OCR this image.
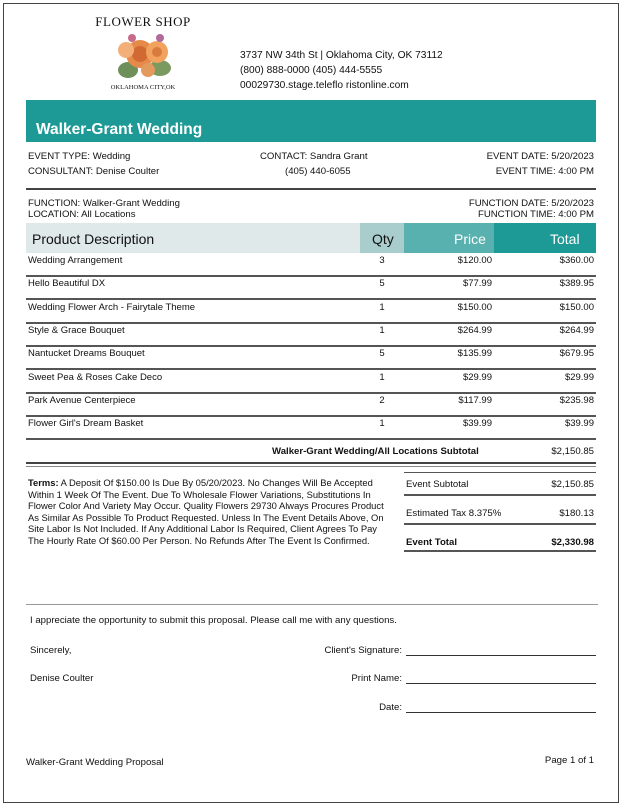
FLOWER SHOP
OKLAHOMA CITY,OK
3737 NW 34th St | Oklahoma City, OK 73112
(800) 888-0000 (405) 444-5555
00029730.stage.teleflo ristonline.com
Walker-Grant Wedding
EVENT TYPE: Wedding
CONSULTANT: Denise Coulter
CONTACT: Sandra Grant
(405) 440-6055
EVENT DATE: 5/20/2023
EVENT TIME: 4:00 PM
FUNCTION: Walker-Grant Wedding
LOCATION: All Locations
FUNCTION DATE: 5/20/2023
FUNCTION TIME: 4:00 PM
Product Description	Qty	Price	Total
Wedding Arrangement	3	$120.00	$360.00
Hello Beautiful DX	5	$77.99	$389.95
Wedding Flower Arch - Fairytale Theme	1	$150.00	$150.00
Style & Grace Bouquet	1	$264.99	$264.99
Nantucket Dreams Bouquet	5	$135.99	$679.95
Sweet Pea & Roses Cake Deco	1	$29.99	$29.99
Park Avenue Centerpiece	2	$117.99	$235.98
Flower Girl's Dream Basket	1	$39.99	$39.99
Walker-Grant Wedding/All Locations Subtotal	$2,150.85
Terms: A Deposit Of $150.00 Is Due By 05/20/2023. No Changes Will Be Accepted Within 1 Week Of The Event. Due To Wholesale Flower Variations, Substitutions In Flower Color And Variety May Occur. Quality Flowers 29730 Always Procures Product As Similar As Possible To Product Requested. Unless In The Event Details Above, On Site Labor Is Not Included. If Any Additional Labor Is Required, Client Agrees To Pay The Hourly Rate Of $60.00 Per Person. No Refunds After The Event Is Confirmed.
Event Subtotal	$2,150.85
Estimated Tax 8.375%	$180.13
Event Total	$2,330.98
I appreciate the opportunity to submit this proposal. Please call me with any questions.
Sincerely,
Denise Coulter
Client's Signature:
Print Name:
Date:
Walker-Grant Wedding Proposal	Page 1 of 1
